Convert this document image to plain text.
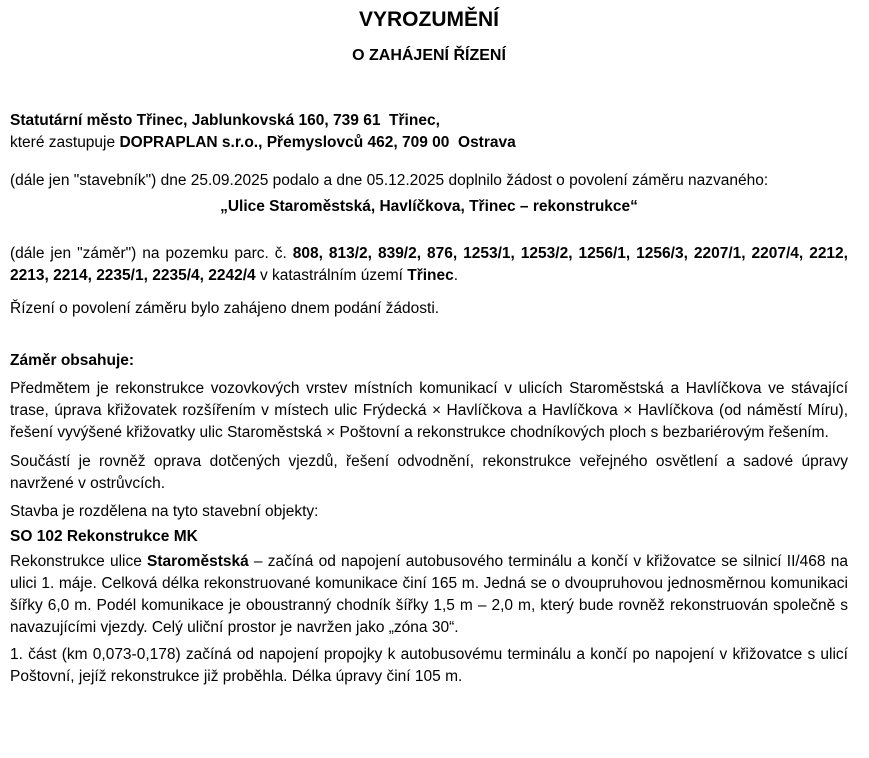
VYROZUMĚNÍ
O ZAHÁJENÍ ŘÍZENÍ

Statutární město Třinec, Jablunkovská 160, 739 61  Třinec,
které zastupuje DOPRAPLAN s.r.o., Přemyslovců 462, 709 00  Ostrava

(dále jen "stavebník") dne 25.09.2025 podalo a dne 05.12.2025 doplnilo žádost o povolení záměru nazvaného:

„Ulice Staroměstská, Havlíčkova, Třinec – rekonstrukce“

(dále jen "záměr") na pozemku parc. č. 808, 813/2, 839/2, 876, 1253/1, 1253/2, 1256/1, 1256/3, 2207/1, 2207/4, 2212, 2213, 2214, 2235/1, 2235/4, 2242/4 v katastrálním území Třinec.

Řízení o povolení záměru bylo zahájeno dnem podání žádosti.

Záměr obsahuje:

Předmětem je rekonstrukce vozovkových vrstev místních komunikací v ulicích Staroměstská a Havlíčkova ve stávající trase, úprava křižovatek rozšířením v místech ulic Frýdecká × Havlíčkova a Havlíčkova × Havlíčkova (od náměstí Míru), řešení vyvýšené křižovatky ulic Staroměstská × Poštovní a rekonstrukce chodníkových ploch s bezbariérovým řešením.

Součástí je rovněž oprava dotčených vjezdů, řešení odvodnění, rekonstrukce veřejného osvětlení a sadové úpravy navržené v ostrůvcích.

Stavba je rozdělena na tyto stavební objekty:

SO 102 Rekonstrukce MK

Rekonstrukce ulice Staroměstská – začíná od napojení autobusového terminálu a končí v křižovatce se silnicí II/468 na ulici 1. máje. Celková délka rekonstruované komunikace činí 165 m. Jedná se o dvoupruhovou jednosměrnou komunikaci šířky 6,0 m. Podél komunikace je oboustranný chodník šířky 1,5 m – 2,0 m, který bude rovněž rekonstruován společně s navazujícími vjezdy. Celý uliční prostor je navržen jako „zóna 30“.

1. část (km 0,073-0,178) začíná od napojení propojky k autobusovému terminálu a končí po napojení v křižovatce s ulicí Poštovní, jejíž rekonstrukce již proběhla. Délka úpravy činí 105 m.
